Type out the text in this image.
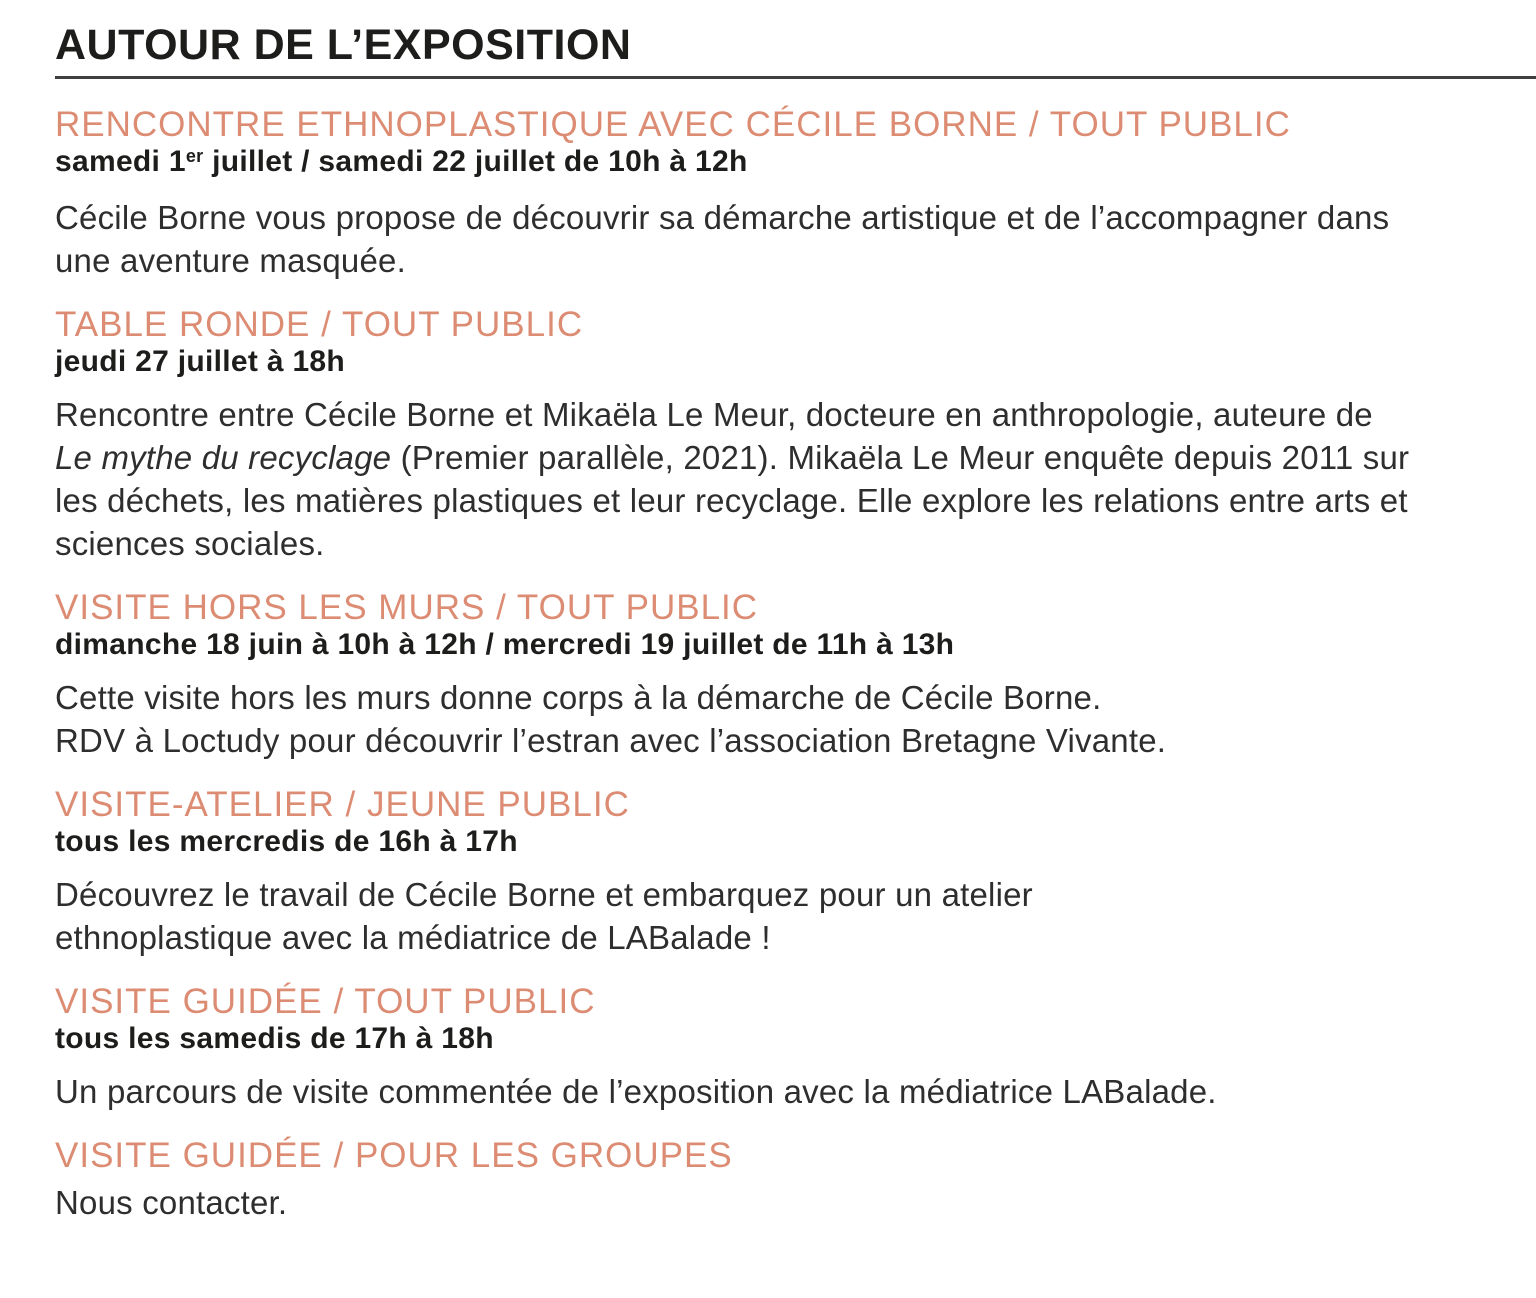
AUTOUR DE L’EXPOSITION
RENCONTRE ETHNOPLASTIQUE AVEC CÉCILE BORNE / TOUT PUBLIC

samedi 1er juillet / samedi 22 juillet de 10h à 12h

Cécile Borne vous propose de découvrir sa démarche artistique et de l’accompagner dans
une aventure masquée.

TABLE RONDE / TOUT PUBLIC

jeudi 27 juillet à 18h

Rencontre entre Cécile Borne et Mikaëla Le Meur, docteure en anthropologie, auteure de
Le mythe du recyclage (Premier parallèle, 2021). Mikaëla Le Meur enquête depuis 2011 sur
les déchets, les matières plastiques et leur recyclage. Elle explore les relations entre arts et
sciences sociales.

VISITE HORS LES MURS / TOUT PUBLIC

dimanche 18 juin à 10h à 12h / mercredi 19 juillet de 11h à 13h

Cette visite hors les murs donne corps à la démarche de Cécile Borne.
RDV à Loctudy pour découvrir l’estran avec l’association Bretagne Vivante.

VISITE-ATELIER / JEUNE PUBLIC

tous les mercredis de 16h à 17h

Découvrez le travail de Cécile Borne et embarquez pour un atelier
ethnoplastique avec la médiatrice de LABalade !

VISITE GUIDÉE / TOUT PUBLIC

tous les samedis de 17h à 18h

Un parcours de visite commentée de l’exposition avec la médiatrice LABalade.

VISITE GUIDÉE / POUR LES GROUPES

Nous contacter.
